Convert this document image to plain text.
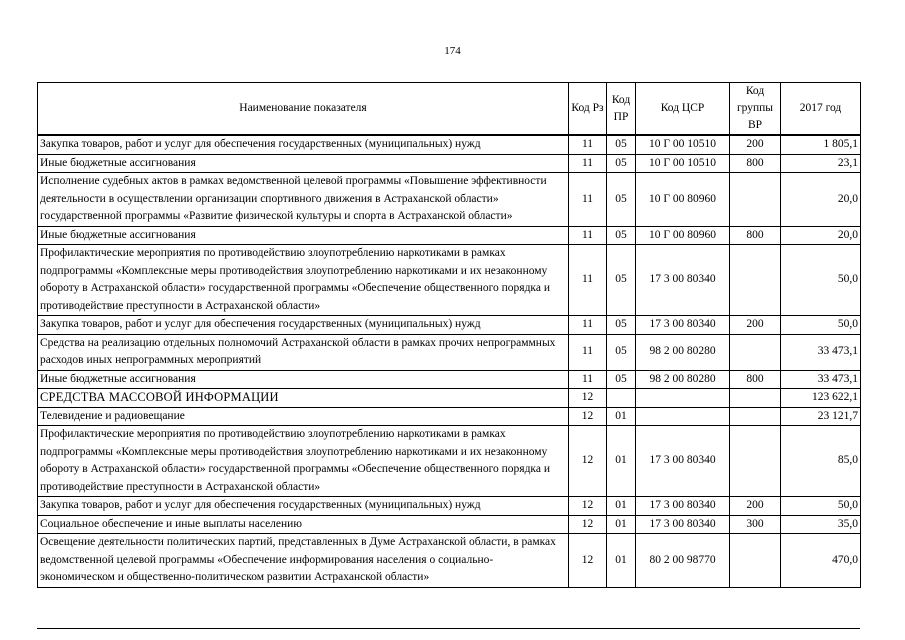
174
Наименование показателя	Код Рз	Код ПР	Код ЦСР	Код группы ВР	2017 год
Закупка товаров, работ и услуг для обеспечения государственных (муниципальных) нужд	11	05	10 Г 00 10510	200	1 805,1
Иные бюджетные ассигнования	11	05	10 Г 00 10510	800	23,1
Исполнение судебных актов в рамках ведомственной целевой программы «Повышение эффективности деятельности в осуществлении организации спортивного движения в Астраханской области» государственной программы «Развитие физической культуры и спорта в Астраханской области»	11	05	10 Г 00 80960		20,0
Иные бюджетные ассигнования	11	05	10 Г 00 80960	800	20,0
Профилактические мероприятия по противодействию злоупотреблению наркотиками в рамках подпрограммы «Комплексные меры противодействия злоупотреблению наркотиками и их незаконному обороту в Астраханской области» государственной программы «Обеспечение общественного порядка и противодействие преступности в Астраханской области»	11	05	17 3 00 80340		50,0
Закупка товаров, работ и услуг для обеспечения государственных (муниципальных) нужд	11	05	17 3 00 80340	200	50,0
Средства на реализацию отдельных полномочий Астраханской области в рамках прочих непрограммных расходов иных непрограммных мероприятий	11	05	98 2 00 80280		33 473,1
Иные бюджетные ассигнования	11	05	98 2 00 80280	800	33 473,1
СРЕДСТВА МАССОВОЙ ИНФОРМАЦИИ	12				123 622,1
Телевидение и радиовещание	12	01			23 121,7
Профилактические мероприятия по противодействию злоупотреблению наркотиками в рамках подпрограммы «Комплексные меры противодействия злоупотреблению наркотиками и их незаконному обороту в Астраханской области» государственной программы «Обеспечение общественного порядка и противодействие преступности в Астраханской области»	12	01	17 3 00 80340		85,0
Закупка товаров, работ и услуг для обеспечения государственных (муниципальных) нужд	12	01	17 3 00 80340	200	50,0
Социальное обеспечение и иные выплаты населению	12	01	17 3 00 80340	300	35,0
Освещение деятельности политических партий, представленных в Думе Астраханской области, в рамках ведомственной целевой программы «Обеспечение информирования населения о социально-экономическом и общественно-политическом развитии Астраханской области»	12	01	80 2 00 98770		470,0
